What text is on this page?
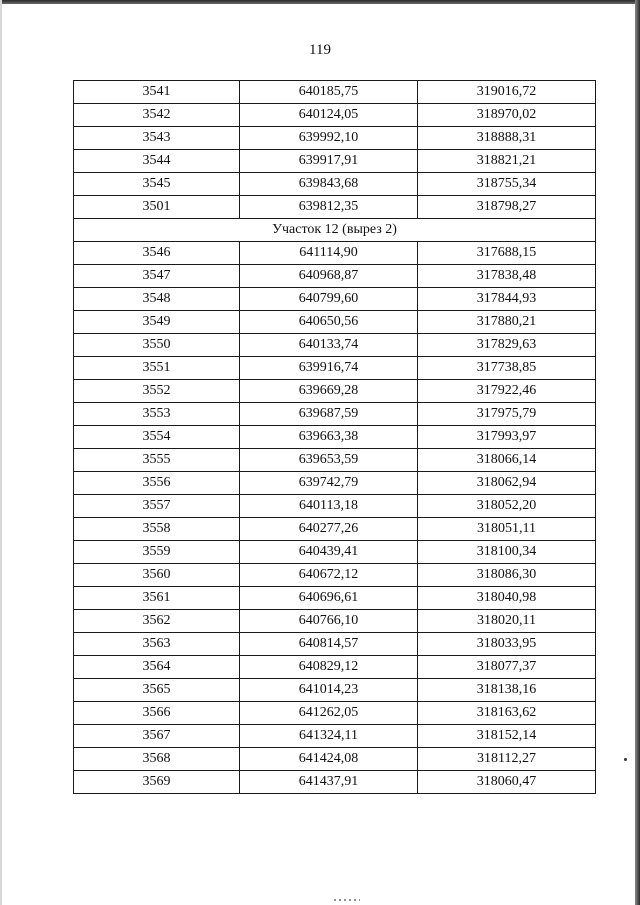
119
3541	640185,75	319016,72
3542	640124,05	318970,02
3543	639992,10	318888,31
3544	639917,91	318821,21
3545	639843,68	318755,34
3501	639812,35	318798,27
Участок 12 (вырез 2)		
3546	641114,90	317688,15
3547	640968,87	317838,48
3548	640799,60	317844,93
3549	640650,56	317880,21
3550	640133,74	317829,63
3551	639916,74	317738,85
3552	639669,28	317922,46
3553	639687,59	317975,79
3554	639663,38	317993,97
3555	639653,59	318066,14
3556	639742,79	318062,94
3557	640113,18	318052,20
3558	640277,26	318051,11
3559	640439,41	318100,34
3560	640672,12	318086,30
3561	640696,61	318040,98
3562	640766,10	318020,11
3563	640814,57	318033,95
3564	640829,12	318077,37
3565	641014,23	318138,16
3566	641262,05	318163,62
3567	641324,11	318152,14
3568	641424,08	318112,27
3569	641437,91	318060,47
